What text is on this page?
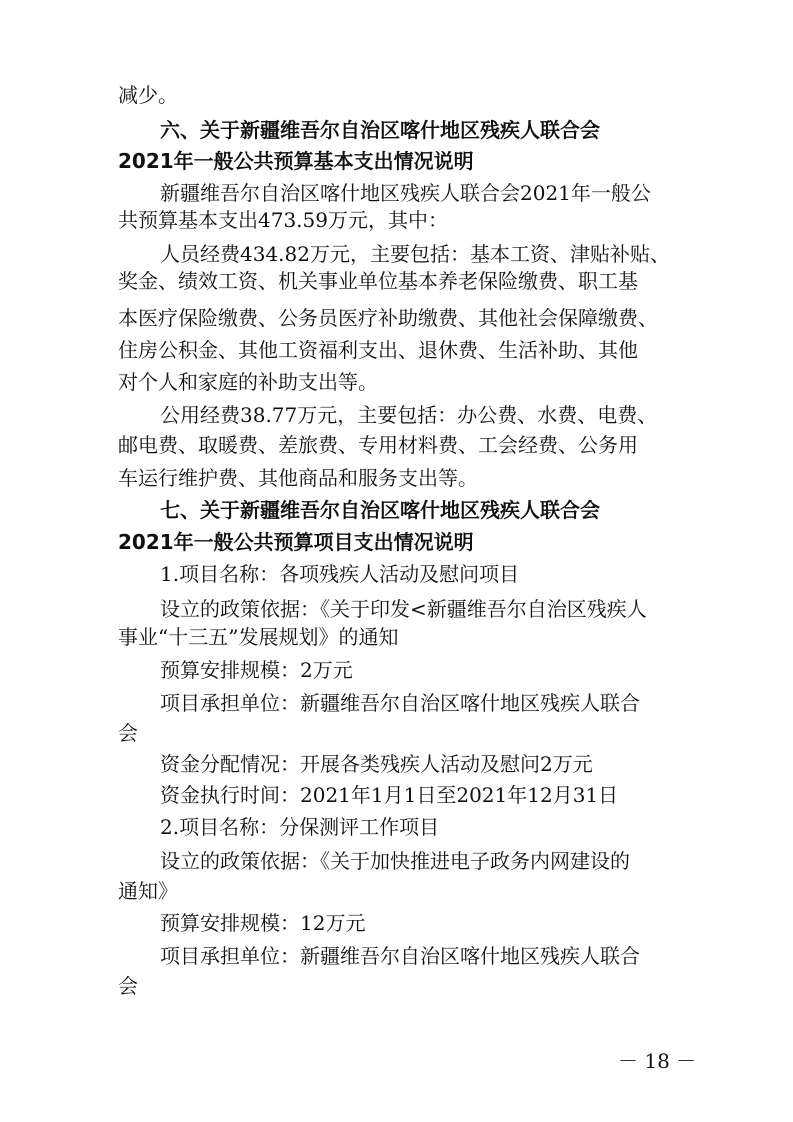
减少。

六、关于新疆维吾尔自治区喀什地区残疾人联合会

2021年一般公共预算基本支出情况说明

新疆维吾尔自治区喀什地区残疾人联合会2021年一般公

共预算基本支出473.59万元，其中：

人员经费434.82万元，主要包括：基本工资、津贴补贴、

奖金、绩效工资、机关事业单位基本养老保险缴费、职工基

本医疗保险缴费、公务员医疗补助缴费、其他社会保障缴费、

住房公积金、其他工资福利支出、退休费、生活补助、其他

对个人和家庭的补助支出等。

公用经费38.77万元，主要包括：办公费、水费、电费、

邮电费、取暖费、差旅费、专用材料费、工会经费、公务用

车运行维护费、其他商品和服务支出等。

七、关于新疆维吾尔自治区喀什地区残疾人联合会

2021年一般公共预算项目支出情况说明

1.项目名称：各项残疾人活动及慰问项目

设立的政策依据：《关于印发<新疆维吾尔自治区残疾人

事业“十三五”发展规划》的通知

预算安排规模：2万元

项目承担单位：新疆维吾尔自治区喀什地区残疾人联合

会

资金分配情况：开展各类残疾人活动及慰问2万元

资金执行时间：2021年1月1日至2021年12月31日

2.项目名称：分保测评工作项目

设立的政策依据：《关于加快推进电子政务内网建设的

通知》

预算安排规模：12万元

项目承担单位：新疆维吾尔自治区喀什地区残疾人联合

会

－ 18 －
